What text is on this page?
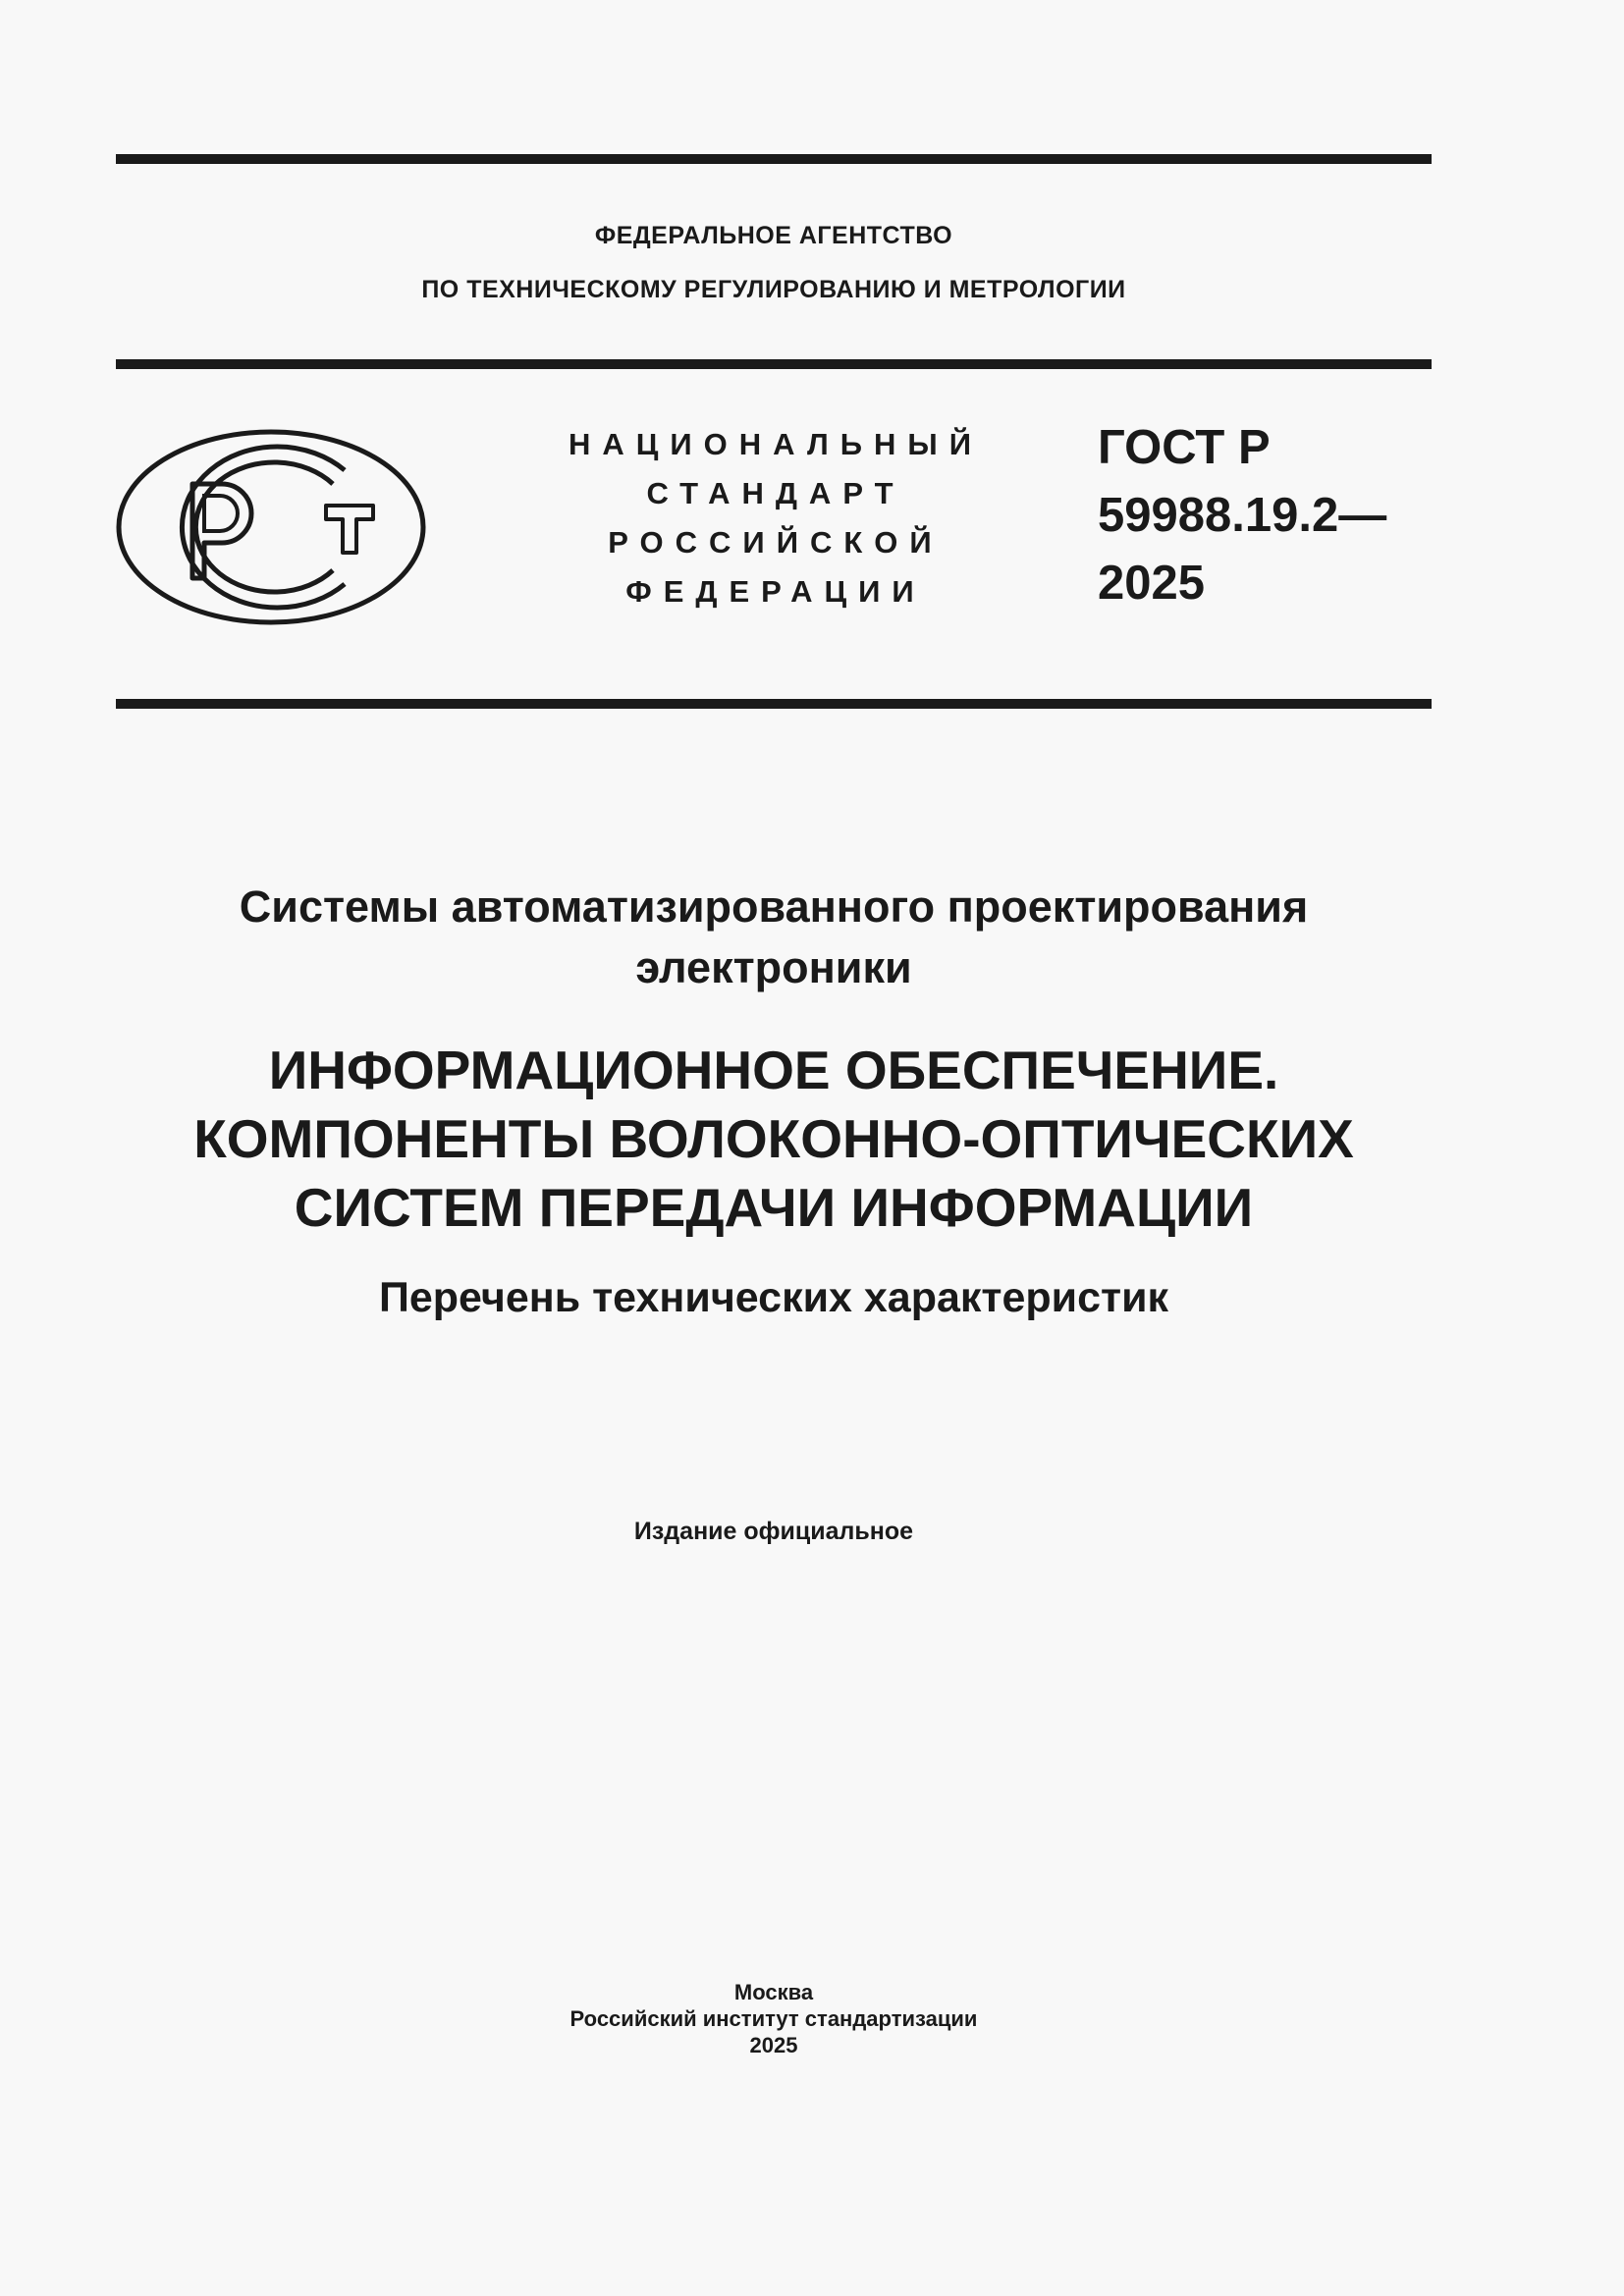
ФЕДЕРАЛЬНОЕ АГЕНТСТВО
ПО ТЕХНИЧЕСКОМУ РЕГУЛИРОВАНИЮ И МЕТРОЛОГИИ
НАЦИОНАЛЬНЫЙ
СТАНДАРТ
РОССИЙСКОЙ
ФЕДЕРАЦИИ
ГОСТ Р
59988.19.2—
2025
Системы автоматизированного проектирования
электроники
ИНФОРМАЦИОННОЕ ОБЕСПЕЧЕНИЕ.
КОМПОНЕНТЫ ВОЛОКОННО-ОПТИЧЕСКИХ
СИСТЕМ ПЕРЕДАЧИ ИНФОРМАЦИИ
Перечень технических характеристик
Издание официальное
Москва
Российский институт стандартизации
2025
